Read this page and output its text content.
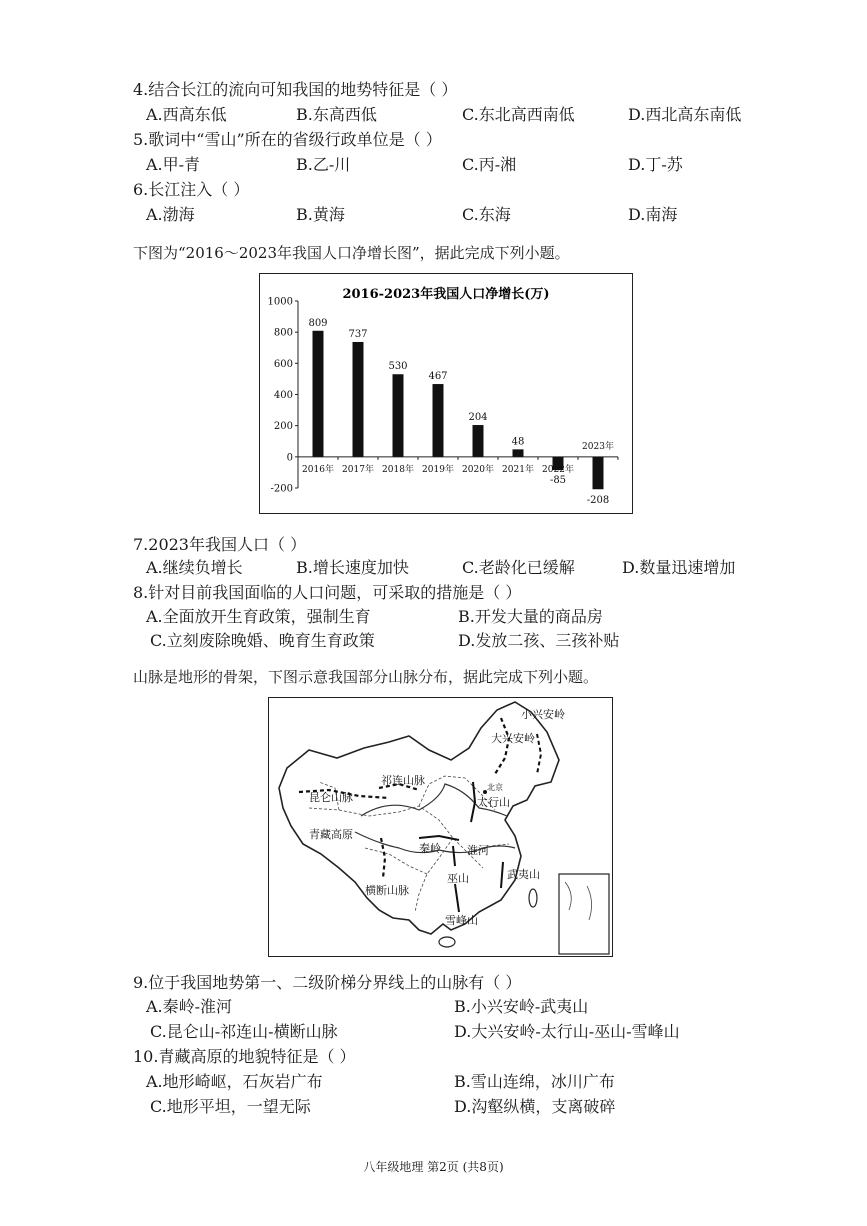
4.结合长江的流向可知我国的地势特征是（ ）
A.西高东低	B.东高西低	C.东北高西南低	D.西北高东南低
5.歌词中“雪山”所在的省级行政单位是（ ）
A.甲-青	B.乙-川	C.丙-湘	D.丁-苏
6.长江注入（ ）
A.渤海	B.黄海	C.东海	D.南海
下图为“2016～2023年我国人口净增长图”，据此完成下列小题。
2016-2023年我国人口净增长(万)
1000
800
600
400
200
0
-200
2016年
809
2017年
737
2018年
530
2019年
467
2020年
204
2021年
48
2022年
-85
2023年
-208
7.2023年我国人口（ ）
A.继续负增长	B.增长速度加快	C.老龄化已缓解	D.数量迅速增加
8.针对目前我国面临的人口问题，可采取的措施是（ ）
A.全面放开生育政策，强制生育	B.开发大量的商品房
C.立刻废除晚婚、晚育生育政策	D.发放二孩、三孩补贴
山脉是地形的骨架，下图示意我国部分山脉分布，据此完成下列小题。
昆仑山脉
祁连山脉
青藏高原
秦岭 淮河
横断山脉
巫山
雪峰山
武夷山
太行山
大兴安岭
小兴安岭
北京
9.位于我国地势第一、二级阶梯分界线上的山脉有（ ）
A.秦岭-淮河	B.小兴安岭-武夷山
C.昆仑山-祁连山-横断山脉	D.大兴安岭-太行山-巫山-雪峰山
10.青藏高原的地貌特征是（ ）
A.地形崎岖，石灰岩广布	B.雪山连绵，冰川广布
C.地形平坦，一望无际	D.沟壑纵横，支离破碎
八年级地理 第2页 (共8页)
